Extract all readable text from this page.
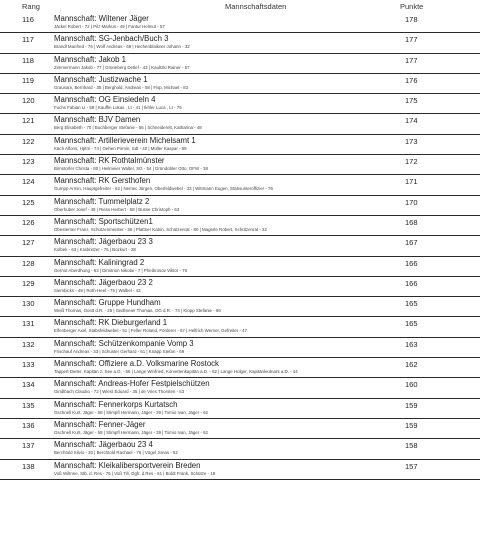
Rang	Mannschaftsdaten	Punkte
116	Mannschaft: Wiltener Jäger
Jäckel Robert - 72 | Pilz Markus - 49 | Fantur Helmut - 57
178
117	Mannschaft: SG-Jenbach/Buch 3
Brandl Manfred - 76 | Wolf Andreas - 69 | Hechenblaikner Johann - 32
177
118	Mannschaft: Jakob 1
Zimmermann Jakob - 77 | Grüneberg Detlef - 43 | Kaultzki Rainer - 57
177
119	Mannschaft: Justizwache 1
Grausam, Bernhard - 35 | Berghold, Andreas - 58 | Fisp, Michael - 83
176
120 Mannschaft: OG Einsiedeln 4
Fuchs Fabian Lt - 59 | Kauffin Lukas , Lt - 41 | Ikhler Luca , Lt - 75
175
121 Mannschaft: BJV Damen
Berg Elisabeth - 70 | Buchberger Stefanie - 56 | Schneiderelt, Katharina - 48
174
122 Mannschaft: Artillerieverein Michelsamt 1
Käch Alfons, Hptm - 74 | Oehen Pirmin, Sdt - 40 | Müller Kaspar - 59
173
123 Mannschaft: RK Rothtalmünster
Birnstorfer Christa - 80 | Heilmeier Walter, SG - 54 | Gründobler Otto, OFW - 38
172
124 Mannschaft: RK Gersthofen
Gumpp Armin, Hauptgefreiter - 62 | Nemec Jürgen, Oberfeldwebel - 33 | Wittmann Eugen, Stabsunteroffizier - 76
171
125 Mannschaft: Tummelplatz 2
Oberhuber Josef - 49 | Riess Herbert - 58 | Busse Christoph - 63
170
126 Mannschaft: Sportschützen1
Obesterner Franz, Schützenmeister - 56 | Plattner Katrin, Schützenrat - 80 | Magerle Robert, Schützenrat - 32
168
127 Mannschaft: Jägerbaou 23 3
Kolbek - 63 | Krabnitzer - 76 | Bozkurt - 28
167
128 Mannschaft: Kaliningrad 2
Gernot Aberdhung - 63 | Dimitrion Nikolai - 7 | Pheibrosov Viktor - 76
166
129 Mannschaft: Jägerbaou 23 2
Siembicks - 48 | Roth-Heel - 75 | Walbel - 43
166
130 Mannschaft: Gruppe Hundham
Weiß Thomas, Oostt d.R. - 25 | Sedlmeier Thomas, OG d.R. - 74 | Klopp Stefanie - 66
165
131 Mannschaft: RK Dieburgerland 1
Elfenberger Axel, Stabsfeldwebel - 51 | Feller Roland, Förderer - 67 | Helfrich Werner, Gefreiter - 47
165
132 Mannschaft: Schützenkompanie Vomp 3
Frischauf Andreas - 33 | Schuster Gerhard - 61 | Knapp Stefan - 69
163
133 Mannschaft: Offiziere a.D. Volksmarine Rostock
Tappert Dieter, Kapitän z. See a.D. - 56 | Lange Winfried, Korvettenkapitän a.D. - 62 | Lange Holger, Kapitänleutnant a.D. - 44
162
134 Mannschaft: Andreas-Hofer Festpielschützen
Gindlbach Claudio - 72 | Wiest Eduard - 35 | de Vries Thorsten - 53
160
135 Mannschaft: Fennerkorps Kurtatsch
Gschnell Kurt, Jäger - 58 | Stimpfl Hermann, Jäger - 39 | Tomio Ivan, Jäger - 62
159
136 Mannschaft: Fenner-Jäger
Gschnell Kurt, Jäger - 58 | Stimpfl Hermann, Jäger - 39 | Tomio Ivan, Jäger - 62
159
137 Mannschaft: Jägerbaou 23 4
Berchtold Silvio - 30 | Berchtold Rachael - 76 | Vögel Jonas - 52
158
138 Mannschaft: Kleikalibersportverein Breden
Voß Wiltnne, Stb. d. Res - 76 | Voß Till, Ogfr. d.Res - 61 | Boldt Frank, Schütze - 18
157
